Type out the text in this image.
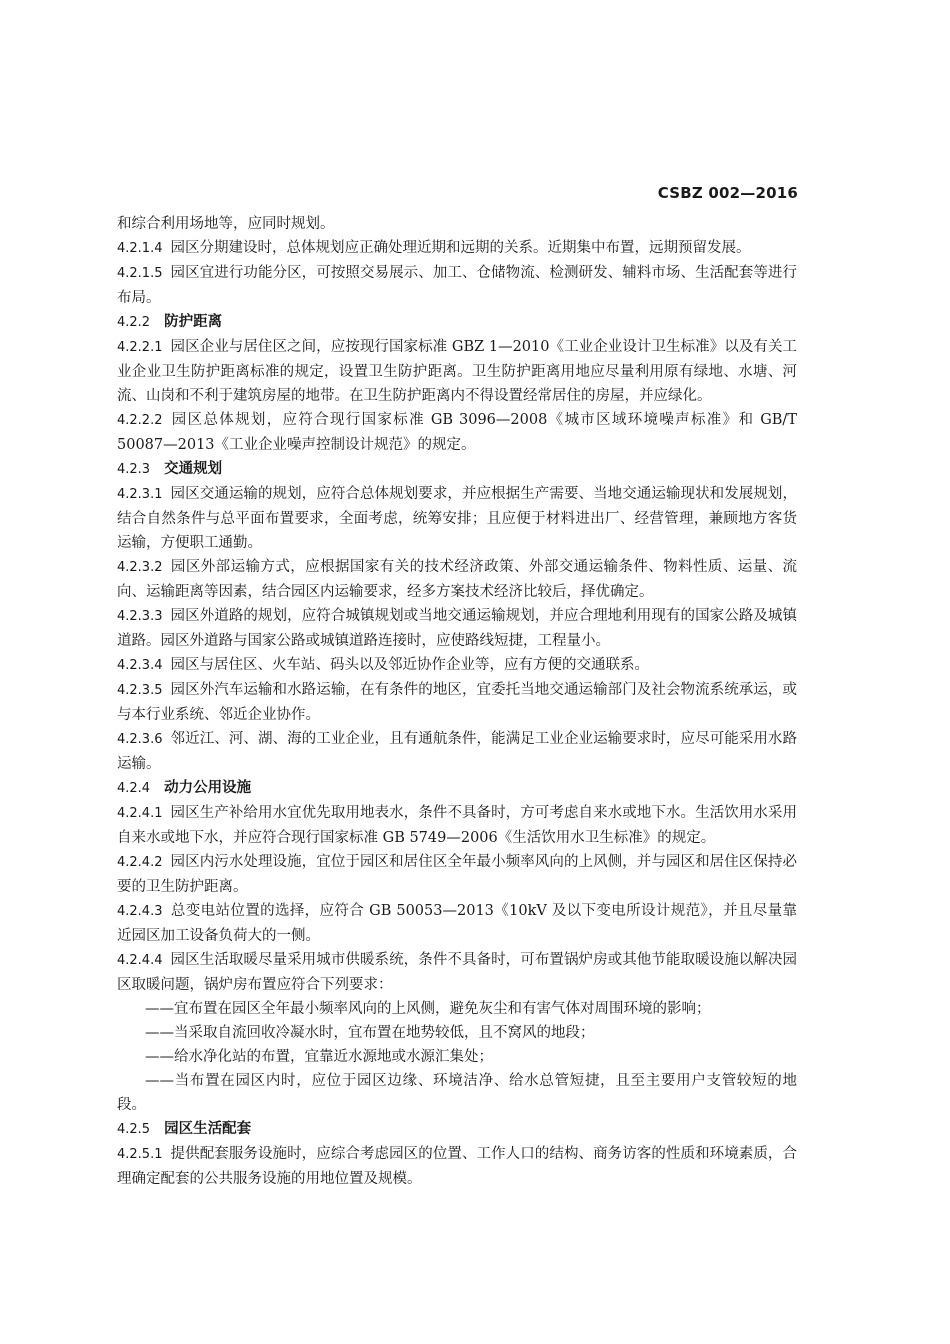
CSBZ 002—2016

和综合利用场地等，应同时规划。

4.2.1.4 园区分期建设时，总体规划应正确处理近期和远期的关系。近期集中布置，远期预留发展。

4.2.1.5 园区宜进行功能分区，可按照交易展示、加工、仓储物流、检测研发、辅料市场、生活配套等进行布局。

4.2.2 防护距离

4.2.2.1 园区企业与居住区之间，应按现行国家标准 GBZ 1—2010《工业企业设计卫生标准》以及有关工业企业卫生防护距离标准的规定，设置卫生防护距离。卫生防护距离用地应尽量利用原有绿地、水塘、河流、山岗和不利于建筑房屋的地带。在卫生防护距离内不得设置经常居住的房屋，并应绿化。

4.2.2.2 园区总体规划，应符合现行国家标准 GB 3096—2008《城市区域环境噪声标准》和 GB/T 50087—2013《工业企业噪声控制设计规范》的规定。

4.2.3 交通规划

4.2.3.1 园区交通运输的规划，应符合总体规划要求，并应根据生产需要、当地交通运输现状和发展规划，结合自然条件与总平面布置要求，全面考虑，统筹安排；且应便于材料进出厂、经营管理，兼顾地方客货运输，方便职工通勤。

4.2.3.2 园区外部运输方式，应根据国家有关的技术经济政策、外部交通运输条件、物料性质、运量、流向、运输距离等因素，结合园区内运输要求，经多方案技术经济比较后，择优确定。

4.2.3.3 园区外道路的规划，应符合城镇规划或当地交通运输规划，并应合理地利用现有的国家公路及城镇道路。园区外道路与国家公路或城镇道路连接时，应使路线短捷，工程量小。

4.2.3.4 园区与居住区、火车站、码头以及邻近协作企业等，应有方便的交通联系。

4.2.3.5 园区外汽车运输和水路运输，在有条件的地区，宜委托当地交通运输部门及社会物流系统承运，或与本行业系统、邻近企业协作。

4.2.3.6 邻近江、河、湖、海的工业企业，且有通航条件，能满足工业企业运输要求时，应尽可能采用水路运输。

4.2.4 动力公用设施

4.2.4.1 园区生产补给用水宜优先取用地表水，条件不具备时，方可考虑自来水或地下水。生活饮用水采用自来水或地下水，并应符合现行国家标准 GB 5749—2006《生活饮用水卫生标准》的规定。

4.2.4.2 园区内污水处理设施，宜位于园区和居住区全年最小频率风向的上风侧，并与园区和居住区保持必要的卫生防护距离。

4.2.4.3 总变电站位置的选择，应符合 GB 50053—2013《10kV 及以下变电所设计规范》，并且尽量靠近园区加工设备负荷大的一侧。

4.2.4.4 园区生活取暖尽量采用城市供暖系统，条件不具备时，可布置锅炉房或其他节能取暖设施以解决园区取暖问题，锅炉房布置应符合下列要求：

——宜布置在园区全年最小频率风向的上风侧，避免灰尘和有害气体对周围环境的影响；

——当采取自流回收冷凝水时，宜布置在地势较低，且不窝风的地段；

——给水净化站的布置，宜靠近水源地或水源汇集处；

——当布置在园区内时，应位于园区边缘、环境洁净、给水总管短捷，且至主要用户支管较短的地段。

4.2.5 园区生活配套

4.2.5.1 提供配套服务设施时，应综合考虑园区的位置、工作人口的结构、商务访客的性质和环境素质，合理确定配套的公共服务设施的用地位置及规模。
